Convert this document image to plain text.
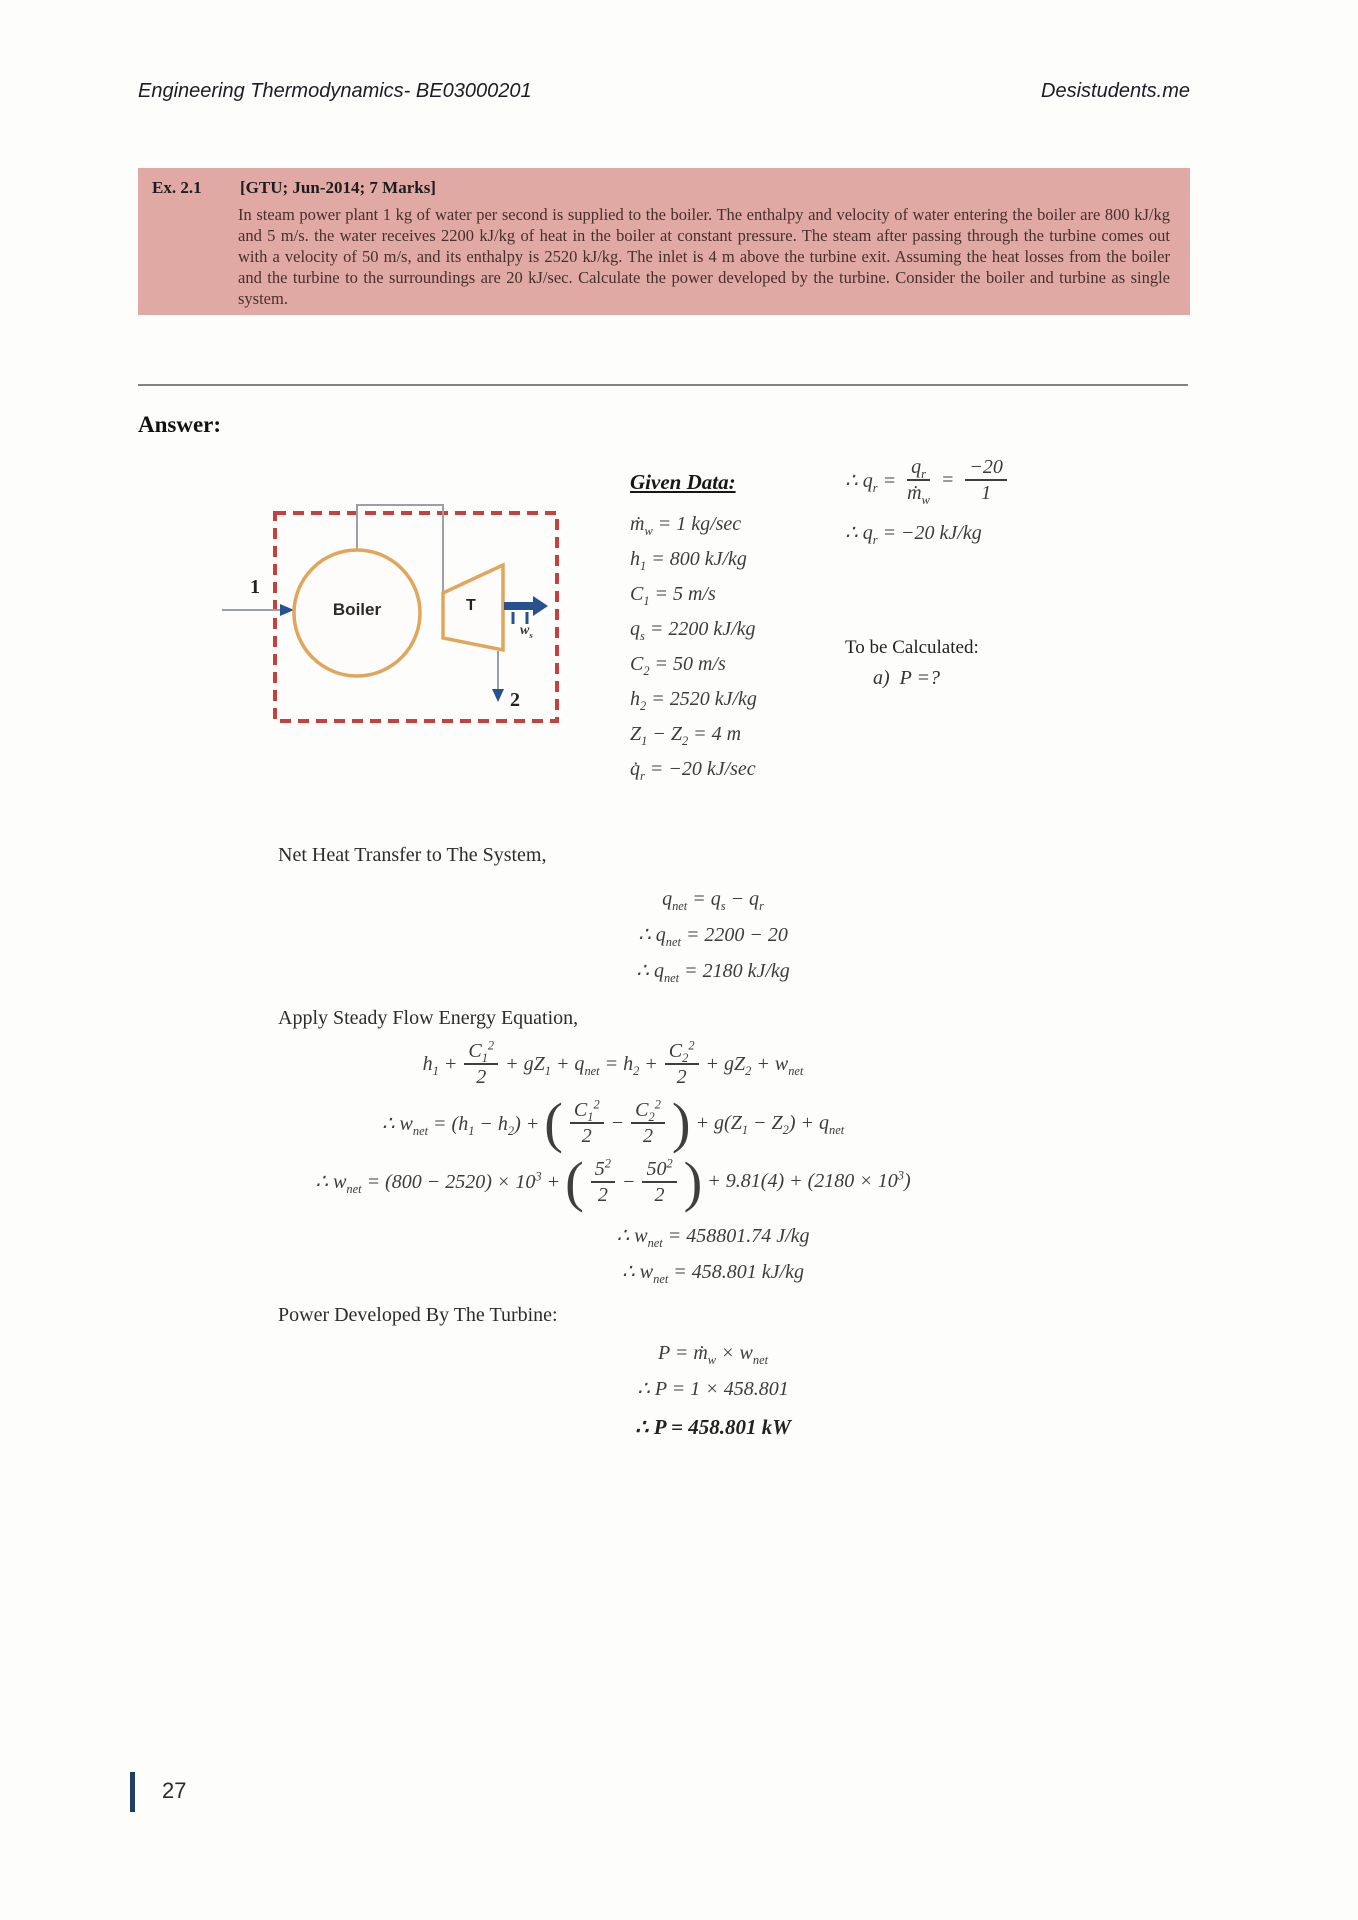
Engineering Thermodynamics- BE03000201	Desistudents.me
Ex. 2.1	[GTU; Jun-2014; 7 Marks]
In steam power plant 1 kg of water per second is supplied to the boiler. The enthalpy and velocity of water entering the boiler are 800 kJ/kg and 5 m/s. the water receives 2200 kJ/kg of heat in the boiler at constant pressure. The steam after passing through the turbine comes out with a velocity of 50 m/s, and its enthalpy is 2520 kJ/kg. The inlet is 4 m above the turbine exit. Assuming the heat losses from the boiler and the turbine to the surroundings are 20 kJ/sec. Calculate the power developed by the turbine. Consider the boiler and turbine as single system.
Answer:
1
Boiler	T
$w_s$
2
Given Data:
ṁ$_w$ = 1 kg/sec
$h_1 = 800$ kJ/kg
$C_1 = 5$ m/s
$q_s = 2200$ kJ/kg
$C_2 = 50$ m/s
$h_2 = 2520$ kJ/kg
$Z_1 - Z_2 = 4$ m
$q̇_r = -20$ kJ/sec
∴ $q_r = \frac{q_r}{ṁ_w} = \frac{-20}{1}$
∴ $q_r = -20$ kJ/kg
To be Calculated:
a)  P =?
Net Heat Transfer to The System,
$q_{net} = q_s - q_r$
∴ $q_{net} = 2200 - 20$
∴ $q_{net} = 2180$ kJ/kg
Apply Steady Flow Energy Equation,
$h_1 + \frac{C_1^2}{2} + gZ_1 + q_{net} = h_2 + \frac{C_2^2}{2} + gZ_2 + w_{net}$
∴ $w_{net} = (h_1 - h_2)$ + ( $\frac{C_1^2}{2} - \frac{C_2^2}{2}$ ) + $g(Z_1 - Z_2) + q_{net}$
∴ $w_{net} = (800 - 2520) \times 10^3$ + ( $\frac{5^2}{2} - \frac{50^2}{2}$ ) + $9.81(4) + (2180 \times 10^3)$
∴ $w_{net} = 458801.74$ J/kg
∴ $w_{net} = 458.801$ kJ/kg
Power Developed By The Turbine:
P = ṁ$_w$ × $w_{net}$
∴ P = 1 × 458.801
∴ P = 458.801 kW
27
